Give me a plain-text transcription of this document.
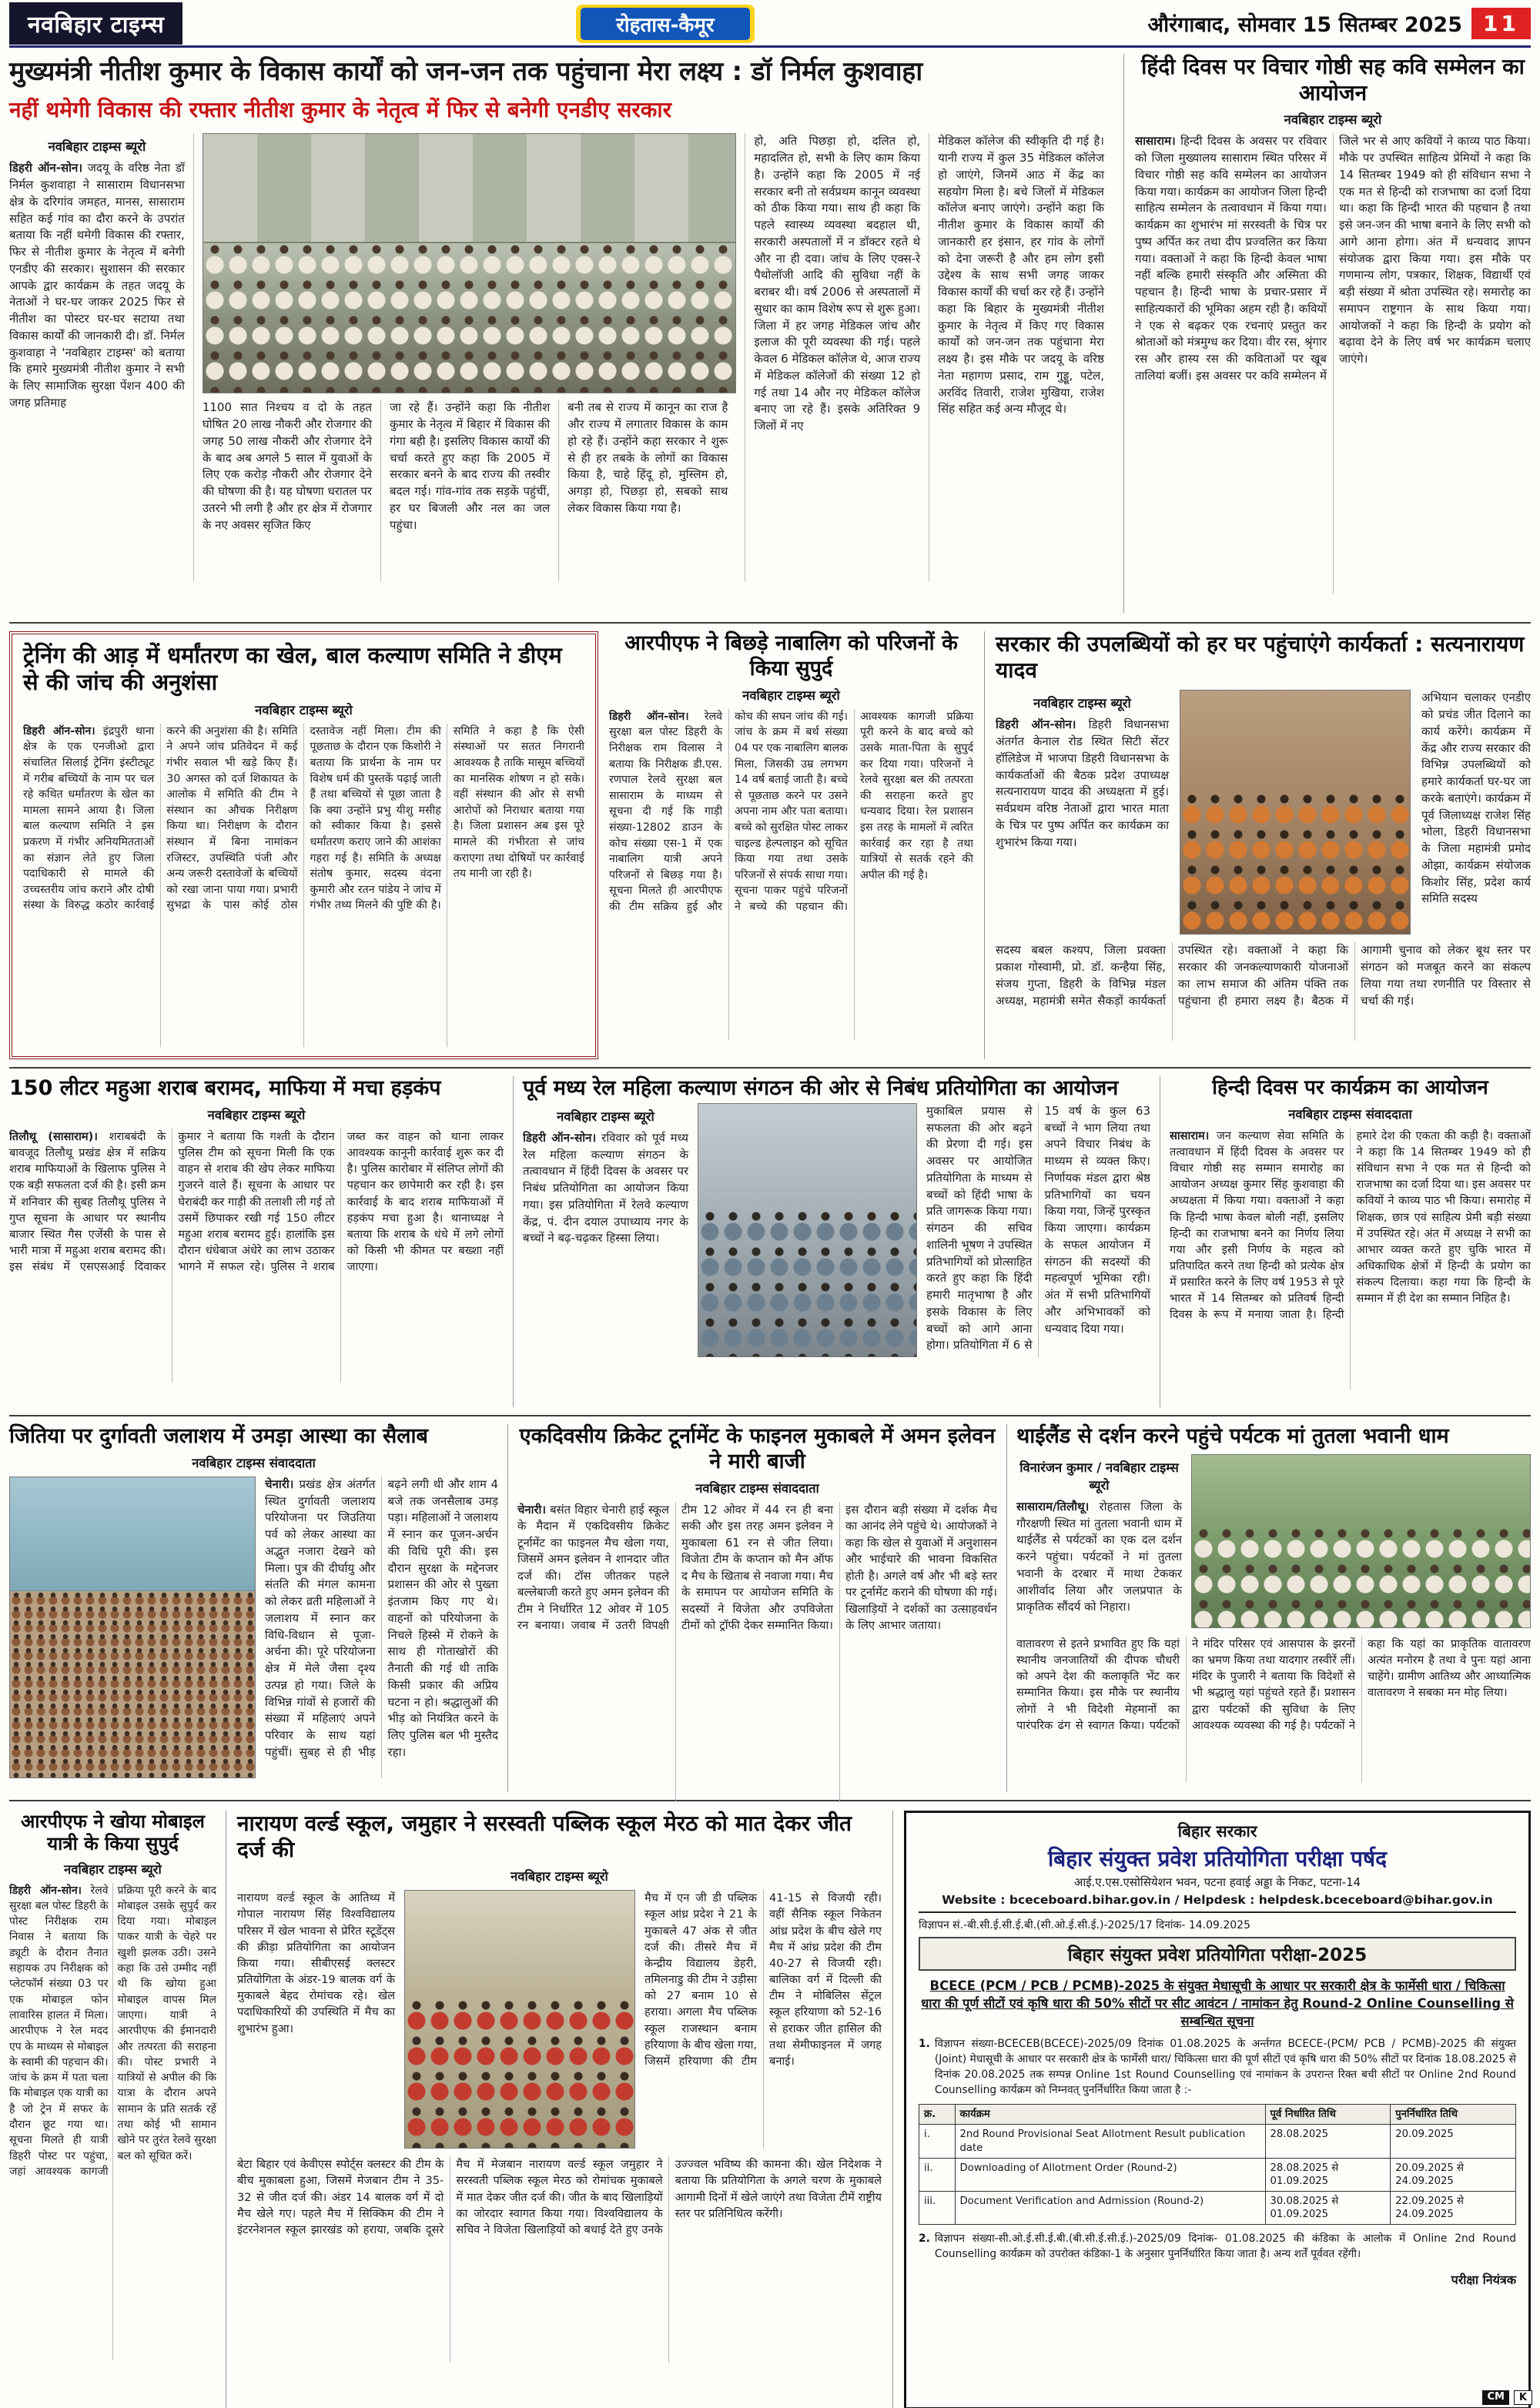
नवबिहार टाइम्स	रोहतास-कैमूर	औरंगाबाद, सोमवार 15 सितम्बर 2025 11
मुख्यमंत्री नीतीश कुमार के विकास कार्यों को जन-जन तक पहुंचाना मेरा लक्ष्य : डॉ निर्मल कुशवाहा
नहीं थमेगी विकास की रफ्तार नीतीश कुमार के नेतृत्व में फिर से बनेगी एनडीए सरकार
नवबिहार टाइम्स ब्यूरो

डिहरी ऑन-सोन। जदयू के वरिष्ठ नेता डॉ निर्मल कुशवाहा ने सासाराम विधानसभा क्षेत्र के दरिगांव जमहत, मानस, सासाराम सहित कई गांव का दौरा करने के उपरांत बताया कि नहीं थमेगी विकास की रफ्तार, फिर से नीतीश कुमार के नेतृत्व में बनेगी एनडीए की सरकार। सुशासन की सरकार आपके द्वार कार्यक्रम के तहत जदयू के नेताओं ने घर-घर जाकर 2025 फिर से नीतीश का पोस्टर घर-घर सटाया तथा विकास कार्यों की जानकारी दी। डॉ. निर्मल कुशवाहा ने 'नवबिहार टाइम्स' को बताया कि हमारे मुख्यमंत्री नीतीश कुमार ने सभी के लिए सामाजिक सुरक्षा पेंशन 400 की जगह प्रतिमाह	1100 सात निश्चय व दो के तहत घोषित 20 लाख नौकरी और रोजगार की जगह 50 लाख नौकरी और रोजगार देने के बाद अब अगले 5 साल में युवाओं के लिए एक करोड़ नौकरी और रोजगार देने की घोषणा की है। यह घोषणा धरातल पर उतरने भी लगी है और हर क्षेत्र में रोजगार के नए अवसर सृजित किए

जा रहे हैं। उन्होंने कहा कि नीतीश कुमार के नेतृत्व में बिहार में विकास की गंगा बही है। इसलिए विकास कार्यों की चर्चा करते हुए कहा कि 2005 में सरकार बनने के बाद राज्य की तस्वीर बदल गई। गांव-गांव तक सड़कें पहुंचीं, हर घर बिजली और नल का जल पहुंचा।

बनी तब से राज्य में कानून का राज है और राज्य में लगातार विकास के काम हो रहे हैं। उन्होंने कहा सरकार ने शुरू से ही हर तबके के लोगों का विकास किया है, चाहे हिंदू हो, मुस्लिम हो, अगड़ा हो, पिछड़ा हो, सबको साथ लेकर विकास किया गया है।

हो, अति पिछड़ा हो, दलित हो, महादलित हो, सभी के लिए काम किया है। उन्होंने कहा कि 2005 में नई सरकार बनी तो सर्वप्रथम कानून व्यवस्था को ठीक किया गया। साथ ही कहा कि पहले स्वास्थ्य व्यवस्था बदहाल थी, सरकारी अस्पतालों में न डॉक्टर रहते थे और ना ही दवा। जांच के लिए एक्स-रे पैथोलॉजी आदि की सुविधा नहीं के बराबर थी। वर्ष 2006 से अस्पतालों में सुधार का काम विशेष रूप से शुरू हुआ। जिला में हर जगह मेडिकल जांच और इलाज की पूरी व्यवस्था की गई। पहले केवल 6 मेडिकल कॉलेज थे, आज राज्य में मेडिकल कॉलेजों की संख्या 12 हो गई तथा 14 और नए मेडिकल कॉलेज बनाए जा रहे हैं। इसके अतिरिक्त 9 जिलों में नए

मेडिकल कॉलेज की स्वीकृति दी गई है। यानी राज्य में कुल 35 मेडिकल कॉलेज हो जाएंगे, जिनमें आठ में केंद्र का सहयोग मिला है। बचे जिलों में मेडिकल कॉलेज बनाए जाएंगे। उन्होंने कहा कि नीतीश कुमार के विकास कार्यों की जानकारी हर इंसान, हर गांव के लोगों को देना जरूरी है और हम लोग इसी उद्देश्य के साथ सभी जगह जाकर विकास कार्यों की चर्चा कर रहे हैं। उन्होंने कहा कि बिहार के मुख्यमंत्री नीतीश कुमार के नेतृत्व में किए गए विकास कार्यों को जन-जन तक पहुंचाना मेरा लक्ष्य है। इस मौके पर जदयू के वरिष्ठ नेता महागण प्रसाद, राम गुड्डू, पटेल, अरविंद तिवारी, राजेश मुखिया, राजेश सिंह सहित कई अन्य मौजूद थे।

हिंदी दिवस पर विचार गोष्ठी सह कवि सम्मेलन का आयोजन
नवबिहार टाइम्स ब्यूरो

सासाराम। हिन्दी दिवस के अवसर पर रविवार को जिला मुख्यालय सासाराम स्थित परिसर में विचार गोष्ठी सह कवि सम्मेलन का आयोजन किया गया। कार्यक्रम का आयोजन जिला हिन्दी साहित्य सम्मेलन के तत्वावधान में किया गया। कार्यक्रम का शुभारंभ मां सरस्वती के चित्र पर पुष्प अर्पित कर तथा दीप प्रज्वलित कर किया गया। वक्ताओं ने कहा कि हिन्दी केवल भाषा नहीं बल्कि हमारी संस्कृति और अस्मिता की पहचान है। हिन्दी भाषा के प्रचार-प्रसार में साहित्यकारों की भूमिका अहम रही है। कवियों ने एक से बढ़कर एक रचनाएं प्रस्तुत कर श्रोताओं को मंत्रमुग्ध कर दिया। वीर रस, श्रृंगार रस और हास्य रस की कविताओं पर खूब तालियां बजीं। इस अवसर पर कवि सम्मेलन में जिले भर से आए कवियों ने काव्य पाठ किया। मौके पर उपस्थित साहित्य प्रेमियों ने कहा कि 14 सितम्बर 1949 को ही संविधान सभा ने एक मत से हिन्दी को राजभाषा का दर्जा दिया था। कहा कि हिन्दी भारत की पहचान है तथा इसे जन-जन की भाषा बनाने के लिए सभी को आगे आना होगा। अंत में धन्यवाद ज्ञापन संयोजक द्वारा किया गया। इस मौके पर गणमान्य लोग, पत्रकार, शिक्षक, विद्यार्थी एवं बड़ी संख्या में श्रोता उपस्थित रहे। समारोह का समापन राष्ट्रगान के साथ किया गया। आयोजकों ने कहा कि हिन्दी के प्रयोग को बढ़ावा देने के लिए वर्ष भर कार्यक्रम चलाए जाएंगे।

ट्रेनिंग की आड़ में धर्मांतरण का खेल, बाल कल्याण समिति ने डीएम से की जांच की अनुशंसा
नवबिहार टाइम्स ब्यूरो

डिहरी ऑन-सोन। इंद्रपुरी थाना क्षेत्र के एक एनजीओ द्वारा संचालित सिलाई ट्रेनिंग इंस्टीट्यूट में गरीब बच्चियों के नाम पर चल रहे कथित धर्मांतरण के खेल का मामला सामने आया है। जिला बाल कल्याण समिति ने इस प्रकरण में गंभीर अनियमितताओं का संज्ञान लेते हुए जिला पदाधिकारी से मामले की उच्चस्तरीय जांच कराने और दोषी संस्था के विरुद्ध कठोर कार्रवाई करने की अनुशंसा की है। समिति ने अपने जांच प्रतिवेदन में कई गंभीर सवाल भी खड़े किए हैं। 30 अगस्त को दर्ज शिकायत के आलोक में समिति की टीम ने संस्थान का औचक निरीक्षण किया था। निरीक्षण के दौरान संस्थान में बिना नामांकन रजिस्टर, उपस्थिति पंजी और अन्य जरूरी दस्तावेजों के बच्चियों को रखा जाना पाया गया। प्रभारी सुभद्रा के पास कोई ठोस दस्तावेज नहीं मिला। टीम की पूछताछ के दौरान एक किशोरी ने बताया कि प्रार्थना के नाम पर विशेष धर्म की पुस्तकें पढ़ाई जाती हैं तथा बच्चियों से पूछा जाता है कि क्या उन्होंने प्रभु यीशु मसीह को स्वीकार किया है। इससे धर्मांतरण कराए जाने की आशंका गहरा गई है। समिति के अध्यक्ष संतोष कुमार, सदस्य वंदना कुमारी और रतन पांडेय ने जांच में गंभीर तथ्य मिलने की पुष्टि की है। समिति ने कहा है कि ऐसी संस्थाओं पर सतत निगरानी आवश्यक है ताकि मासूम बच्चियों का मानसिक शोषण न हो सके। वहीं संस्थान की ओर से सभी आरोपों को निराधार बताया गया है। जिला प्रशासन अब इस पूरे मामले की गंभीरता से जांच कराएगा तथा दोषियों पर कार्रवाई तय मानी जा रही है।

आरपीएफ ने बिछड़े नाबालिग को परिजनों के किया सुपुर्द
नवबिहार टाइम्स ब्यूरो

डिहरी ऑन-सोन। रेलवे सुरक्षा बल पोस्ट डिहरी के निरीक्षक राम विलास ने बताया कि निरीक्षक डी.एस. रणपाल रेलवे सुरक्षा बल सासाराम के माध्यम से सूचना दी गई कि गाड़ी संख्या-12802 डाउन के कोच संख्या एस-1 में एक नाबालिग यात्री अपने परिजनों से बिछड़ गया है। सूचना मिलते ही आरपीएफ की टीम सक्रिय हुई और कोच की सघन जांच की गई। जांच के क्रम में बर्थ संख्या 04 पर एक नाबालिग बालक मिला, जिसकी उम्र लगभग 14 वर्ष बताई जाती है। बच्चे से पूछताछ करने पर उसने अपना नाम और पता बताया। बच्चे को सुरक्षित पोस्ट लाकर चाइल्ड हेल्पलाइन को सूचित किया गया तथा उसके परिजनों से संपर्क साधा गया। सूचना पाकर पहुंचे परिजनों ने बच्चे की पहचान की। आवश्यक कागजी प्रक्रिया पूरी करने के बाद बच्चे को उसके माता-पिता के सुपुर्द कर दिया गया। परिजनों ने रेलवे सुरक्षा बल की तत्परता की सराहना करते हुए धन्यवाद दिया। रेल प्रशासन इस तरह के मामलों में त्वरित कार्रवाई कर रहा है तथा यात्रियों से सतर्क रहने की अपील की गई है।

सरकार की उपलब्धियों को हर घर पहुंचाएंगे कार्यकर्ता : सत्यनारायण यादव
नवबिहार टाइम्स ब्यूरो

डिहरी ऑन-सोन। डिहरी विधानसभा अंतर्गत केनाल रोड स्थित सिटी सेंटर हॉलिडेज में भाजपा डिहरी विधानसभा के कार्यकर्ताओं की बैठक प्रदेश उपाध्यक्ष सत्यनारायण यादव की अध्यक्षता में हुई। सर्वप्रथम वरिष्ठ नेताओं द्वारा भारत माता के चित्र पर पुष्प अर्पित कर कार्यक्रम का शुभारंभ किया गया।

अभियान चलाकर एनडीए को प्रचंड जीत दिलाने का कार्य करेंगे। कार्यक्रम में केंद्र और राज्य सरकार की विभिन्न उपलब्धियों को हमारे कार्यकर्ता घर-घर जा करके बताएंगे। कार्यक्रम में पूर्व जिलाध्यक्ष राजेश सिंह भोला, डिहरी विधानसभा के जिला महामंत्री प्रमोद ओझा, कार्यक्रम संयोजक किशोर सिंह, प्रदेश कार्य समिति सदस्य

सदस्य बबल कश्यप, जिला प्रवक्ता प्रकाश गोस्वामी, प्रो. डॉ. कन्हैया सिंह, संजय गुप्ता, डिहरी के विभिन्न मंडल अध्यक्ष, महामंत्री समेत सैकड़ों कार्यकर्ता उपस्थित रहे। वक्ताओं ने कहा कि सरकार की जनकल्याणकारी योजनाओं का लाभ समाज की अंतिम पंक्ति तक पहुंचाना ही हमारा लक्ष्य है। बैठक में आगामी चुनाव को लेकर बूथ स्तर पर संगठन को मजबूत करने का संकल्प लिया गया तथा रणनीति पर विस्तार से चर्चा की गई।

150 लीटर महुआ शराब बरामद, माफिया में मचा हड़कंप
नवबिहार टाइम्स ब्यूरो

तिलौथू (सासाराम)। शराबबंदी के बावजूद तिलौथू प्रखंड क्षेत्र में सक्रिय शराब माफियाओं के खिलाफ पुलिस ने एक बड़ी सफलता दर्ज की है। इसी क्रम में शनिवार की सुबह तिलौथू पुलिस ने गुप्त सूचना के आधार पर स्थानीय बाजार स्थित गैस एजेंसी के पास से भारी मात्रा में महुआ शराब बरामद की। इस संबंध में एसएसआई दिवाकर कुमार ने बताया कि गश्ती के दौरान पुलिस टीम को सूचना मिली कि एक वाहन से शराब की खेप लेकर माफिया गुजरने वाले हैं। सूचना के आधार पर घेराबंदी कर गाड़ी की तलाशी ली गई तो उसमें छिपाकर रखी गई 150 लीटर महुआ शराब बरामद हुई। हालांकि इस दौरान धंधेबाज अंधेरे का लाभ उठाकर भागने में सफल रहे। पुलिस ने शराब जब्त कर वाहन को थाना लाकर आवश्यक कानूनी कार्रवाई शुरू कर दी है। पुलिस कारोबार में संलिप्त लोगों की पहचान कर छापेमारी कर रही है। इस कार्रवाई के बाद शराब माफियाओं में हड़कंप मचा हुआ है। थानाध्यक्ष ने बताया कि शराब के धंधे में लगे लोगों को किसी भी कीमत पर बख्शा नहीं जाएगा।

पूर्व मध्य रेल महिला कल्याण संगठन की ओर से निबंध प्रतियोगिता का आयोजन
नवबिहार टाइम्स ब्यूरो

डिहरी ऑन-सोन। रविवार को पूर्व मध्य रेल महिला कल्याण संगठन के तत्वावधान में हिंदी दिवस के अवसर पर निबंध प्रतियोगिता का आयोजन किया गया। इस प्रतियोगिता में रेलवे कल्याण केंद्र, पं. दीन दयाल उपाध्याय नगर के बच्चों ने बढ़-चढ़कर हिस्सा लिया।

मुकाबिल प्रयास से सफलता की ओर बढ़ने की प्रेरणा दी गई। इस अवसर पर आयोजित प्रतियोगिता के माध्यम से बच्चों को हिंदी भाषा के प्रति जागरूक किया गया। संगठन की सचिव शालिनी भूषण ने उपस्थित प्रतिभागियों को प्रोत्साहित करते हुए कहा कि हिंदी हमारी मातृभाषा है और इसके विकास के लिए बच्चों को आगे आना होगा। प्रतियोगिता में 6 से 15 वर्ष के कुल 63 बच्चों ने भाग लिया तथा अपने विचार निबंध के माध्यम से व्यक्त किए। निर्णायक मंडल द्वारा श्रेष्ठ प्रतिभागियों का चयन किया गया, जिन्हें पुरस्कृत किया जाएगा। कार्यक्रम के सफल आयोजन में संगठन की सदस्यों की महत्वपूर्ण भूमिका रही। अंत में सभी प्रतिभागियों और अभिभावकों को धन्यवाद दिया गया।

हिन्दी दिवस पर कार्यक्रम का आयोजन
नवबिहार टाइम्स संवाददाता

सासाराम। जन कल्याण सेवा समिति के तत्वावधान में हिंदी दिवस के अवसर पर विचार गोष्ठी सह सम्मान समारोह का आयोजन अध्यक्ष कुमार सिंह कुशवाहा की अध्यक्षता में किया गया। वक्ताओं ने कहा कि हिन्दी भाषा केवल बोली नहीं, इसलिए हिन्दी का राजभाषा बनने का निर्णय लिया गया और इसी निर्णय के महत्व को प्रतिपादित करने तथा हिन्दी को प्रत्येक क्षेत्र में प्रसारित करने के लिए वर्ष 1953 से पूरे भारत में 14 सितम्बर को प्रतिवर्ष हिन्दी दिवस के रूप में मनाया जाता है। हिन्दी हमारे देश की एकता की कड़ी है। वक्ताओं ने कहा कि 14 सितम्बर 1949 को ही संविधान सभा ने एक मत से हिन्दी को राजभाषा का दर्जा दिया था। इस अवसर पर कवियों ने काव्य पाठ भी किया। समारोह में शिक्षक, छात्र एवं साहित्य प्रेमी बड़ी संख्या में उपस्थित रहे। अंत में अध्यक्ष ने सभी का आभार व्यक्त करते हुए चुकि भारत में अधिकाधिक क्षेत्रों में हिन्दी के प्रयोग का संकल्प दिलाया। कहा गया कि हिन्दी के सम्मान में ही देश का सम्मान निहित है।

जितिया पर दुर्गावती जलाशय में उमड़ा आस्था का सैलाब
नवबिहार टाइम्स संवाददाता

चेनारी। प्रखंड क्षेत्र अंतर्गत स्थित दुर्गावती जलाशय परियोजना पर जिउतिया पर्व को लेकर आस्था का अद्भुत नजारा देखने को मिला। पुत्र की दीर्घायु और संतति की मंगल कामना को लेकर व्रती महिलाओं ने जलाशय में स्नान कर विधि-विधान से पूजा-अर्चना की। पूरे परियोजना क्षेत्र में मेले जैसा दृश्य उत्पन्न हो गया। जिले के विभिन्न गांवों से हजारों की संख्या में महिलाएं अपने परिवार के साथ यहां पहुंचीं। सुबह से ही भीड़ बढ़ने लगी थी और शाम 4 बजे तक जनसैलाब उमड़ पड़ा। महिलाओं ने जलाशय में स्नान कर पूजन-अर्चन की विधि पूरी की। इस दौरान सुरक्षा के मद्देनजर प्रशासन की ओर से पुख्ता इंतजाम किए गए थे। वाहनों को परियोजना के निचले हिस्से में रोकने के साथ ही गोताखोरों की तैनाती की गई थी ताकि किसी प्रकार की अप्रिय घटना न हो। श्रद्धालुओं की भीड़ को नियंत्रित करने के लिए पुलिस बल भी मुस्तैद रहा।

एकदिवसीय क्रिकेट टूर्नामेंट के फाइनल मुकाबले में अमन इलेवन ने मारी बाजी
नवबिहार टाइम्स संवाददाता

चेनारी। बसंत विहार चेनारी हाई स्कूल के मैदान में एकदिवसीय क्रिकेट टूर्नामेंट का फाइनल मैच खेला गया, जिसमें अमन इलेवन ने शानदार जीत दर्ज की। टॉस जीतकर पहले बल्लेबाजी करते हुए अमन इलेवन की टीम ने निर्धारित 12 ओवर में 105 रन बनाया। जवाब में उतरी विपक्षी टीम 12 ओवर में 44 रन ही बना सकी और इस तरह अमन इलेवन ने मुकाबला 61 रन से जीत लिया। विजेता टीम के कप्तान को मैन ऑफ द मैच के खिताब से नवाजा गया। मैच के समापन पर आयोजन समिति के सदस्यों ने विजेता और उपविजेता टीमों को ट्रॉफी देकर सम्मानित किया। इस दौरान बड़ी संख्या में दर्शक मैच का आनंद लेने पहुंचे थे। आयोजकों ने कहा कि खेल से युवाओं में अनुशासन और भाईचारे की भावना विकसित होती है। अगले वर्ष और भी बड़े स्तर पर टूर्नामेंट कराने की घोषणा की गई। खिलाड़ियों ने दर्शकों का उत्साहवर्धन के लिए आभार जताया।

थाईलैंड से दर्शन करने पहुंचे पर्यटक मां तुतला भवानी धाम
विनारंजन कुमार / नवबिहार टाइम्स ब्यूरो

सासाराम/तिलौथू। रोहतास जिला के गौरक्षणी स्थित मां तुतला भवानी धाम में थाईलैंड से पर्यटकों का एक दल दर्शन करने पहुंचा। पर्यटकों ने मां तुतला भवानी के दरबार में माथा टेककर आशीर्वाद लिया और जलप्रपात के प्राकृतिक सौंदर्य को निहारा।

वातावरण से इतने प्रभावित हुए कि यहां स्थानीय जनजातियों की दीपक चौधरी को अपने देश की कलाकृति भेंट कर सम्मानित किया। इस मौके पर स्थानीय लोगों ने भी विदेशी मेहमानों का पारंपरिक ढंग से स्वागत किया। पर्यटकों ने मंदिर परिसर एवं आसपास के झरनों का भ्रमण किया तथा यादगार तस्वीरें लीं। मंदिर के पुजारी ने बताया कि विदेशों से भी श्रद्धालु यहां पहुंचते रहते हैं। प्रशासन द्वारा पर्यटकों की सुविधा के लिए आवश्यक व्यवस्था की गई है। पर्यटकों ने कहा कि यहां का प्राकृतिक वातावरण अत्यंत मनोरम है तथा वे पुनः यहां आना चाहेंगे। ग्रामीण आतिथ्य और आध्यात्मिक वातावरण ने सबका मन मोह लिया।

आरपीएफ ने खोया मोबाइल यात्री के किया सुपुर्द
नवबिहार टाइम्स ब्यूरो

डिहरी ऑन-सोन। रेलवे सुरक्षा बल पोस्ट डिहरी के पोस्ट निरीक्षक राम निवास ने बताया कि ड्यूटी के दौरान तैनात सहायक उप निरीक्षक को प्लेटफॉर्म संख्या 03 पर एक मोबाइल फोन लावारिस हालत में मिला। आरपीएफ ने रेल मदद एप के माध्यम से मोबाइल के स्वामी की पहचान की। जांच के क्रम में पता चला कि मोबाइल एक यात्री का है जो ट्रेन में सफर के दौरान छूट गया था। सूचना मिलते ही यात्री डिहरी पोस्ट पर पहुंचा, जहां आवश्यक कागजी प्रक्रिया पूरी करने के बाद मोबाइल उसके सुपुर्द कर दिया गया। मोबाइल पाकर यात्री के चेहरे पर खुशी झलक उठी। उसने कहा कि उसे उम्मीद नहीं थी कि खोया हुआ मोबाइल वापस मिल जाएगा। यात्री ने आरपीएफ की ईमानदारी और तत्परता की सराहना की। पोस्ट प्रभारी ने यात्रियों से अपील की कि यात्रा के दौरान अपने सामान के प्रति सतर्क रहें तथा कोई भी सामान खोने पर तुरंत रेलवे सुरक्षा बल को सूचित करें।

नारायण वर्ल्ड स्कूल, जमुहार ने सरस्वती पब्लिक स्कूल मेरठ को मात देकर जीत दर्ज की
नवबिहार टाइम्स ब्यूरो

नारायण वर्ल्ड स्कूल के आतिथ्य में गोपाल नारायण सिंह विश्वविद्यालय परिसर में खेल भावना से प्रेरित स्टूडेंट्स की क्रीड़ा प्रतियोगिता का आयोजन किया गया। सीबीएसई क्लस्टर प्रतियोगिता के अंडर-19 बालक वर्ग के मुकाबले बेहद रोमांचक रहे। खेल पदाधिकारियों की उपस्थिति में मैच का शुभारंभ हुआ।

मैच में एन जी डी पब्लिक स्कूल आंध्र प्रदेश ने 21 के मुकाबले 47 अंक से जीत दर्ज की। तीसरे मैच में केन्द्रीय विद्यालय डेहरी, तमिलनाडु की टीम ने उड़ीसा को 27 बनाम 10 से हराया। अगला मैच पब्लिक स्कूल राजस्थान बनाम हरियाणा के बीच खेला गया, जिसमें हरियाणा की टीम 41-15 से विजयी रही। वहीं सैनिक स्कूल निकेतन आंध्र प्रदेश के बीच खेले गए मैच में आंध्र प्रदेश की टीम 40-27 से विजयी रही। बालिका वर्ग में दिल्ली की टीम ने मोबिलिस सेंट्रल स्कूल हरियाणा को 52-16 से हराकर जीत हासिल की तथा सेमीफाइनल में जगह बनाई।

बेटा बिहार एवं केवीएस स्पोर्ट्स क्लस्टर की टीम के बीच मुकाबला हुआ, जिसमें मेजबान टीम ने 35-32 से जीत दर्ज की। अंडर 14 बालक वर्ग में दो मैच खेले गए। पहले मैच में सिक्किम की टीम ने इंटरनेशनल स्कूल झारखंड को हराया, जबकि दूसरे मैच में मेजबान नारायण वर्ल्ड स्कूल जमुहार ने सरस्वती पब्लिक स्कूल मेरठ को रोमांचक मुकाबले में मात देकर जीत दर्ज की। जीत के बाद खिलाड़ियों का जोरदार स्वागत किया गया। विश्वविद्यालय के सचिव ने विजेता खिलाड़ियों को बधाई देते हुए उनके उज्ज्वल भविष्य की कामना की। खेल निदेशक ने बताया कि प्रतियोगिता के अगले चरण के मुकाबले आगामी दिनों में खेले जाएंगे तथा विजेता टीमें राष्ट्रीय स्तर पर प्रतिनिधित्व करेंगी।

बिहार सरकार
बिहार संयुक्त प्रवेश प्रतियोगिता परीक्षा पर्षद
आई.ए.एस.एसोसियेशन भवन, पटना हवाई अड्डा के निकट, पटना-14
Website : bceceboard.bihar.gov.in / Helpdesk : helpdesk.bceceboard@bihar.gov.in
विज्ञापन सं.-बी.सी.ई.सी.ई.बी.(सी.ओ.ई.सी.ई.)-2025/17 दिनांक- 14.09.2025
बिहार संयुक्त प्रवेश प्रतियोगिता परीक्षा-2025
BCECE (PCM / PCB / PCMB)-2025 के संयुक्त मेधासूची के आधार पर सरकारी क्षेत्र के फार्मेसी धारा / चिकित्सा धारा की पूर्ण सीटों एवं कृषि धारा की 50% सीटों पर सीट आवंटन / नामांकन हेतु Round-2 Online Counselling से सम्बन्धित सूचना
1. विज्ञापन संख्या-BCECEB(BCECE)-2025/09 दिनांक 01.08.2025 के अर्न्तगत BCECE-(PCM/ PCB / PCMB)-2025 की संयुक्त (Joint) मेधासूची के आधार पर सरकारी क्षेत्र के फार्मेसी धारा/ चिकित्सा धारा की पूर्ण सीटों एवं कृषि धारा की 50% सीटों पर दिनांक 18.08.2025 से दिनांक 20.08.2025 तक सम्पन्न Online 1st Round Counselling एवं नामांकन के उपरान्त रिक्त बची सीटों पर Online 2nd Round Counselling कार्यक्रम को निम्नवत् पुनर्निर्धारित किया जाता है :-
क्र.	कार्यक्रम	पूर्व निर्धारित तिथि	पुनर्निर्धारित तिथि
i.	2nd Round Provisional Seat Allotment Result publication date	28.08.2025	20.09.2025
ii.	Downloading of Allotment Order (Round-2)	28.08.2025 से 01.09.2025	20.09.2025 से 24.09.2025
iii.	Document Verification and Admission (Round-2)	30.08.2025 से 01.09.2025	22.09.2025 से 24.09.2025
2. विज्ञापन संख्या-सी.ओ.ई.सी.ई.बी.(बी.सी.ई.सी.ई.)-2025/09 दिनांक- 01.08.2025 की कंडिका के आलोक में Online 2nd Round Counselling कार्यक्रम को उपरोक्त कंडिका-1 के अनुसार पुनर्निर्धारित किया जाता है। अन्य शर्तें पूर्ववत रहेंगी।
परीक्षा नियंत्रक
CM	K
